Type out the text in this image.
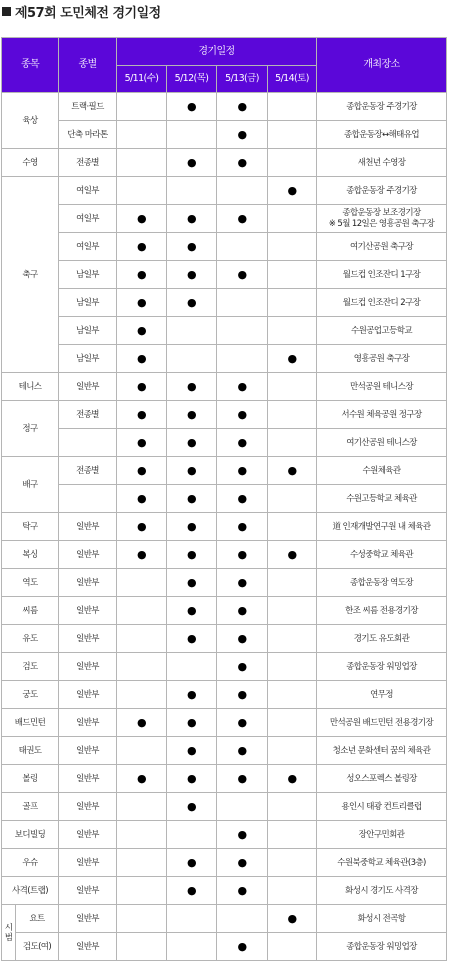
제57회 도민체전 경기일정
종목		종별	경기일정				개최장소
			5/11(수)	5/12(목)	5/13(금)	5/14(토)	
육상		트랙·필드		●	●		종합운동장 주경기장
		단축 마라톤			●		종합운동장↔해태유업
수영		전종별		●	●		새천년 수영장
축구		여일부				●	종합운동장 주경기장
		여일부	●	●	●		종합운동장 보조경기장
※ 5월 12일은 영흥공원 축구장
		여일부	●	●			여기산공원 축구장
		남일부	●	●	●		월드컵 인조잔디 1구장
		남일부	●	●			월드컵 인조잔디 2구장
		남일부	●				수원공업고등학교
		남일부	●			●	영흥공원 축구장
테니스		일반부	●	●	●		만석공원 테니스장
정구		전종별	●	●	●		서수원 체육공원 정구장
			●	●	●		여기산공원 테니스장
배구		전종별	●	●	●	●	수원체육관
			●	●	●		수원고등학교 체육관
탁구		일반부	●	●	●		道 인재개발연구원 내 체육관
복싱		일반부	●	●	●	●	수성중학교 체육관
역도		일반부		●	●		종합운동장 역도장
씨름		일반부		●	●		한조 씨름 전용경기장
유도		일반부		●	●		경기도 유도회관
검도		일반부			●		종합운동장 워밍업장
궁도		일반부		●	●		연무정
배드민턴		일반부	●	●	●		만석공원 배드민턴 전용경기장
태권도		일반부		●	●		청소년 문화센터 꿈의 체육관
볼링		일반부	●	●	●	●	성오스포렉스 볼링장
골프		일반부		●			용인시 태광 컨트리클럽
보디빌딩		일반부			●		장안구민회관
우슈		일반부		●	●		수원북중학교 체육관(3층)
사격(트랩)		일반부		●	●		화성시 경기도 사격장
시
범	요트	일반부				●	화성시 전곡항
	검도(여)	일반부			●		종합운동장 워밍업장
